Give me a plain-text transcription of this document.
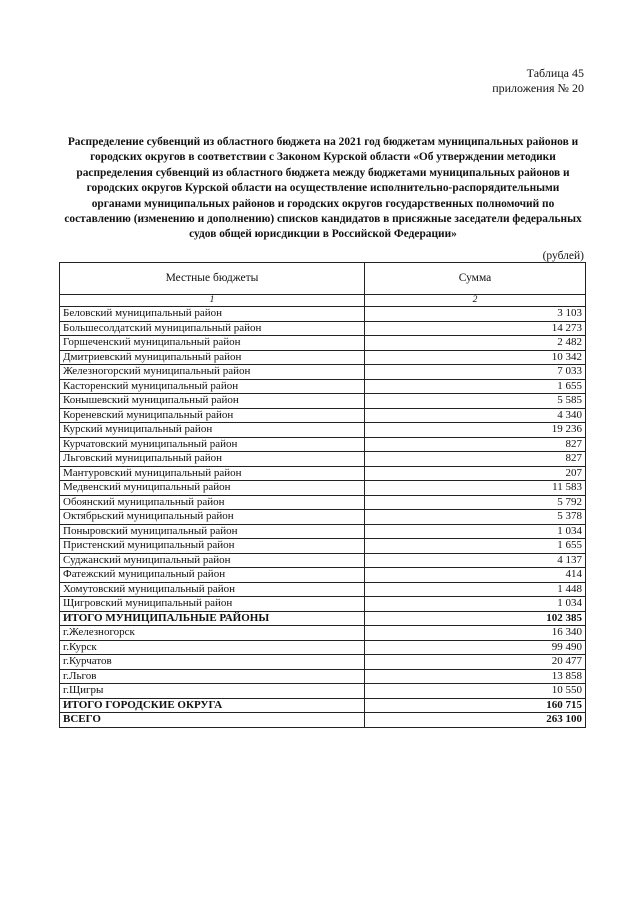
Таблица 45
приложения № 20
Распределение субвенций из областного бюджета на 2021 год бюджетам муниципальных районов и городских округов в соответствии с Законом Курской области «Об утверждении методики распределения субвенций из областного бюджета между бюджетами муниципальных районов и городских округов Курской области на осуществление исполнительно-распорядительными органами муниципальных районов и городских округов государственных полномочий по составлению (изменению и дополнению) списков кандидатов в присяжные заседатели федеральных судов общей юрисдикции в Российской Федерации»
(рублей)
Местные бюджеты	Сумма
1	2
Беловский муниципальный район	3 103
Большесолдатский муниципальный район	14 273
Горшеченский муниципальный район	2 482
Дмитриевский муниципальный район	10 342
Железногорский муниципальный район	7 033
Касторенский муниципальный район	1 655
Конышевский муниципальный район	5 585
Кореневский муниципальный район	4 340
Курский муниципальный район	19 236
Курчатовский муниципальный район	827
Льговский муниципальный район	827
Мантуровский муниципальный район	207
Медвенский муниципальный район	11 583
Обоянский муниципальный район	5 792
Октябрьский муниципальный район	5 378
Поныровский муниципальный район	1 034
Пристенский муниципальный район	1 655
Суджанский муниципальный район	4 137
Фатежский муниципальный район	414
Хомутовский муниципальный район	1 448
Щигровский муниципальный район	1 034
ИТОГО МУНИЦИПАЛЬНЫЕ РАЙОНЫ	102 385
г.Железногорск	16 340
г.Курск	99 490
г.Курчатов	20 477
г.Льгов	13 858
г.Щигры	10 550
ИТОГО ГОРОДСКИЕ ОКРУГА	160 715
ВСЕГО	263 100
